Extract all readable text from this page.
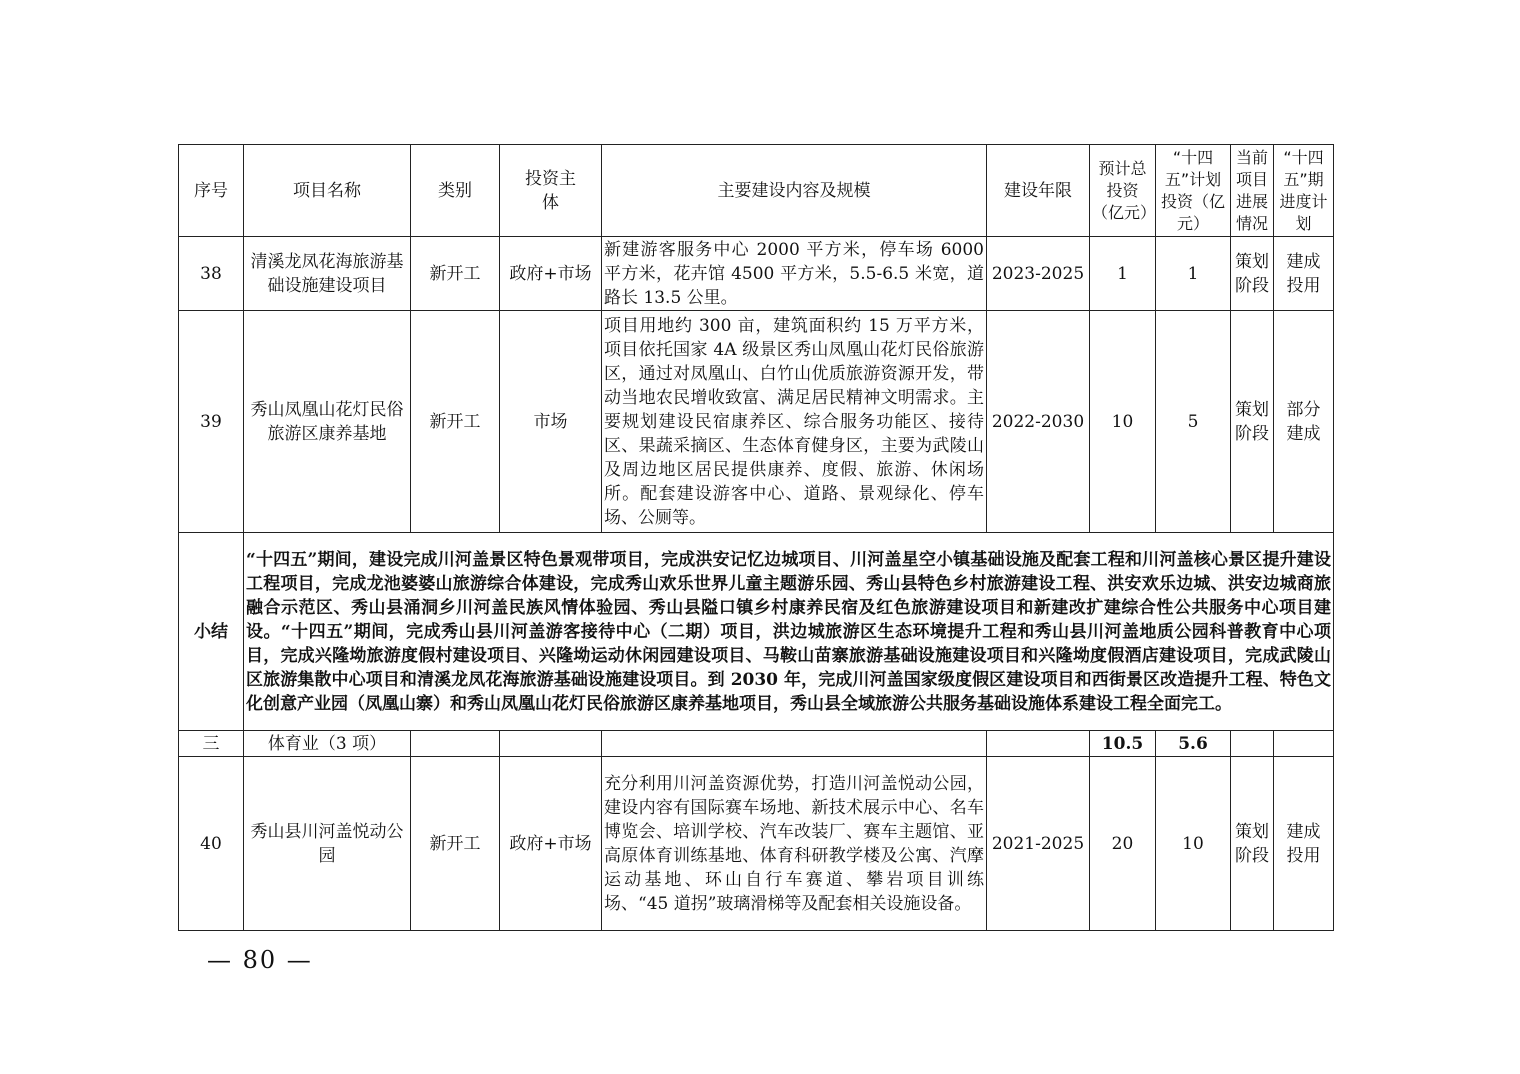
序号	项目名称	类别	投资主体	主要建设内容及规模	建设年限	预计总投资（亿元）	“十四五”计划投资（亿元）	当前项目进展情况	“十四五”期进度计划
38	清溪龙凤花海旅游基础设施建设项目	新开工	政府+市场	新建游客服务中心 2000 平方米，停车场 6000 平方米，花卉馆 4500 平方米，5.5-6.5 米宽，道路长 13.5 公里。	2023-2025	1	1	策划阶段	建成投用
39	秀山凤凰山花灯民俗旅游区康养基地	新开工	市场	项目用地约 300 亩，建筑面积约 15 万平方米，项目依托国家 4A 级景区秀山凤凰山花灯民俗旅游区，通过对凤凰山、白竹山优质旅游资源开发，带动当地农民增收致富、满足居民精神文明需求。主要规划建设民宿康养区、综合服务功能区、接待区、果蔬采摘区、生态体育健身区，主要为武陵山及周边地区居民提供康养、度假、旅游、休闲场所。配套建设游客中心、道路、景观绿化、停车场、公厕等。	2022-2030	10	5	策划阶段	部分建成
小结	“十四五”期间，建设完成川河盖景区特色景观带项目，完成洪安记忆边城项目、川河盖星空小镇基础设施及配套工程和川河盖核心景区提升建设工程项目，完成龙池婆婆山旅游综合体建设，完成秀山欢乐世界儿童主题游乐园、秀山县特色乡村旅游建设工程、洪安欢乐边城、洪安边城商旅融合示范区、秀山县涌洞乡川河盖民族风情体验园、秀山县隘口镇乡村康养民宿及红色旅游建设项目和新建改扩建综合性公共服务中心项目建设。“十四五”期间，完成秀山县川河盖游客接待中心（二期）项目，洪边城旅游区生态环境提升工程和秀山县川河盖地质公园科普教育中心项目，完成兴隆坳旅游度假村建设项目、兴隆坳运动休闲园建设项目、马鞍山苗寨旅游基础设施建设项目和兴隆坳度假酒店建设项目，完成武陵山区旅游集散中心项目和清溪龙凤花海旅游基础设施建设项目。到 2030 年，完成川河盖国家级度假区建设项目和西街景区改造提升工程、特色文化创意产业园（凤凰山寨）和秀山凤凰山花灯民俗旅游区康养基地项目，秀山县全域旅游公共服务基础设施体系建设工程全面完工。								
三	体育业（3 项）					10.5	5.6		
40	秀山县川河盖悦动公园	新开工	政府+市场	充分利用川河盖资源优势，打造川河盖悦动公园，建设内容有国际赛车场地、新技术展示中心、名车博览会、培训学校、汽车改装厂、赛车主题馆、亚高原体育训练基地、体育科研教学楼及公寓、汽摩运动基地、环山自行车赛道、攀岩项目训练场、“45 道拐”玻璃滑梯等及配套相关设施设备。	2021-2025	20	10	策划阶段	建成投用
— 80 —
